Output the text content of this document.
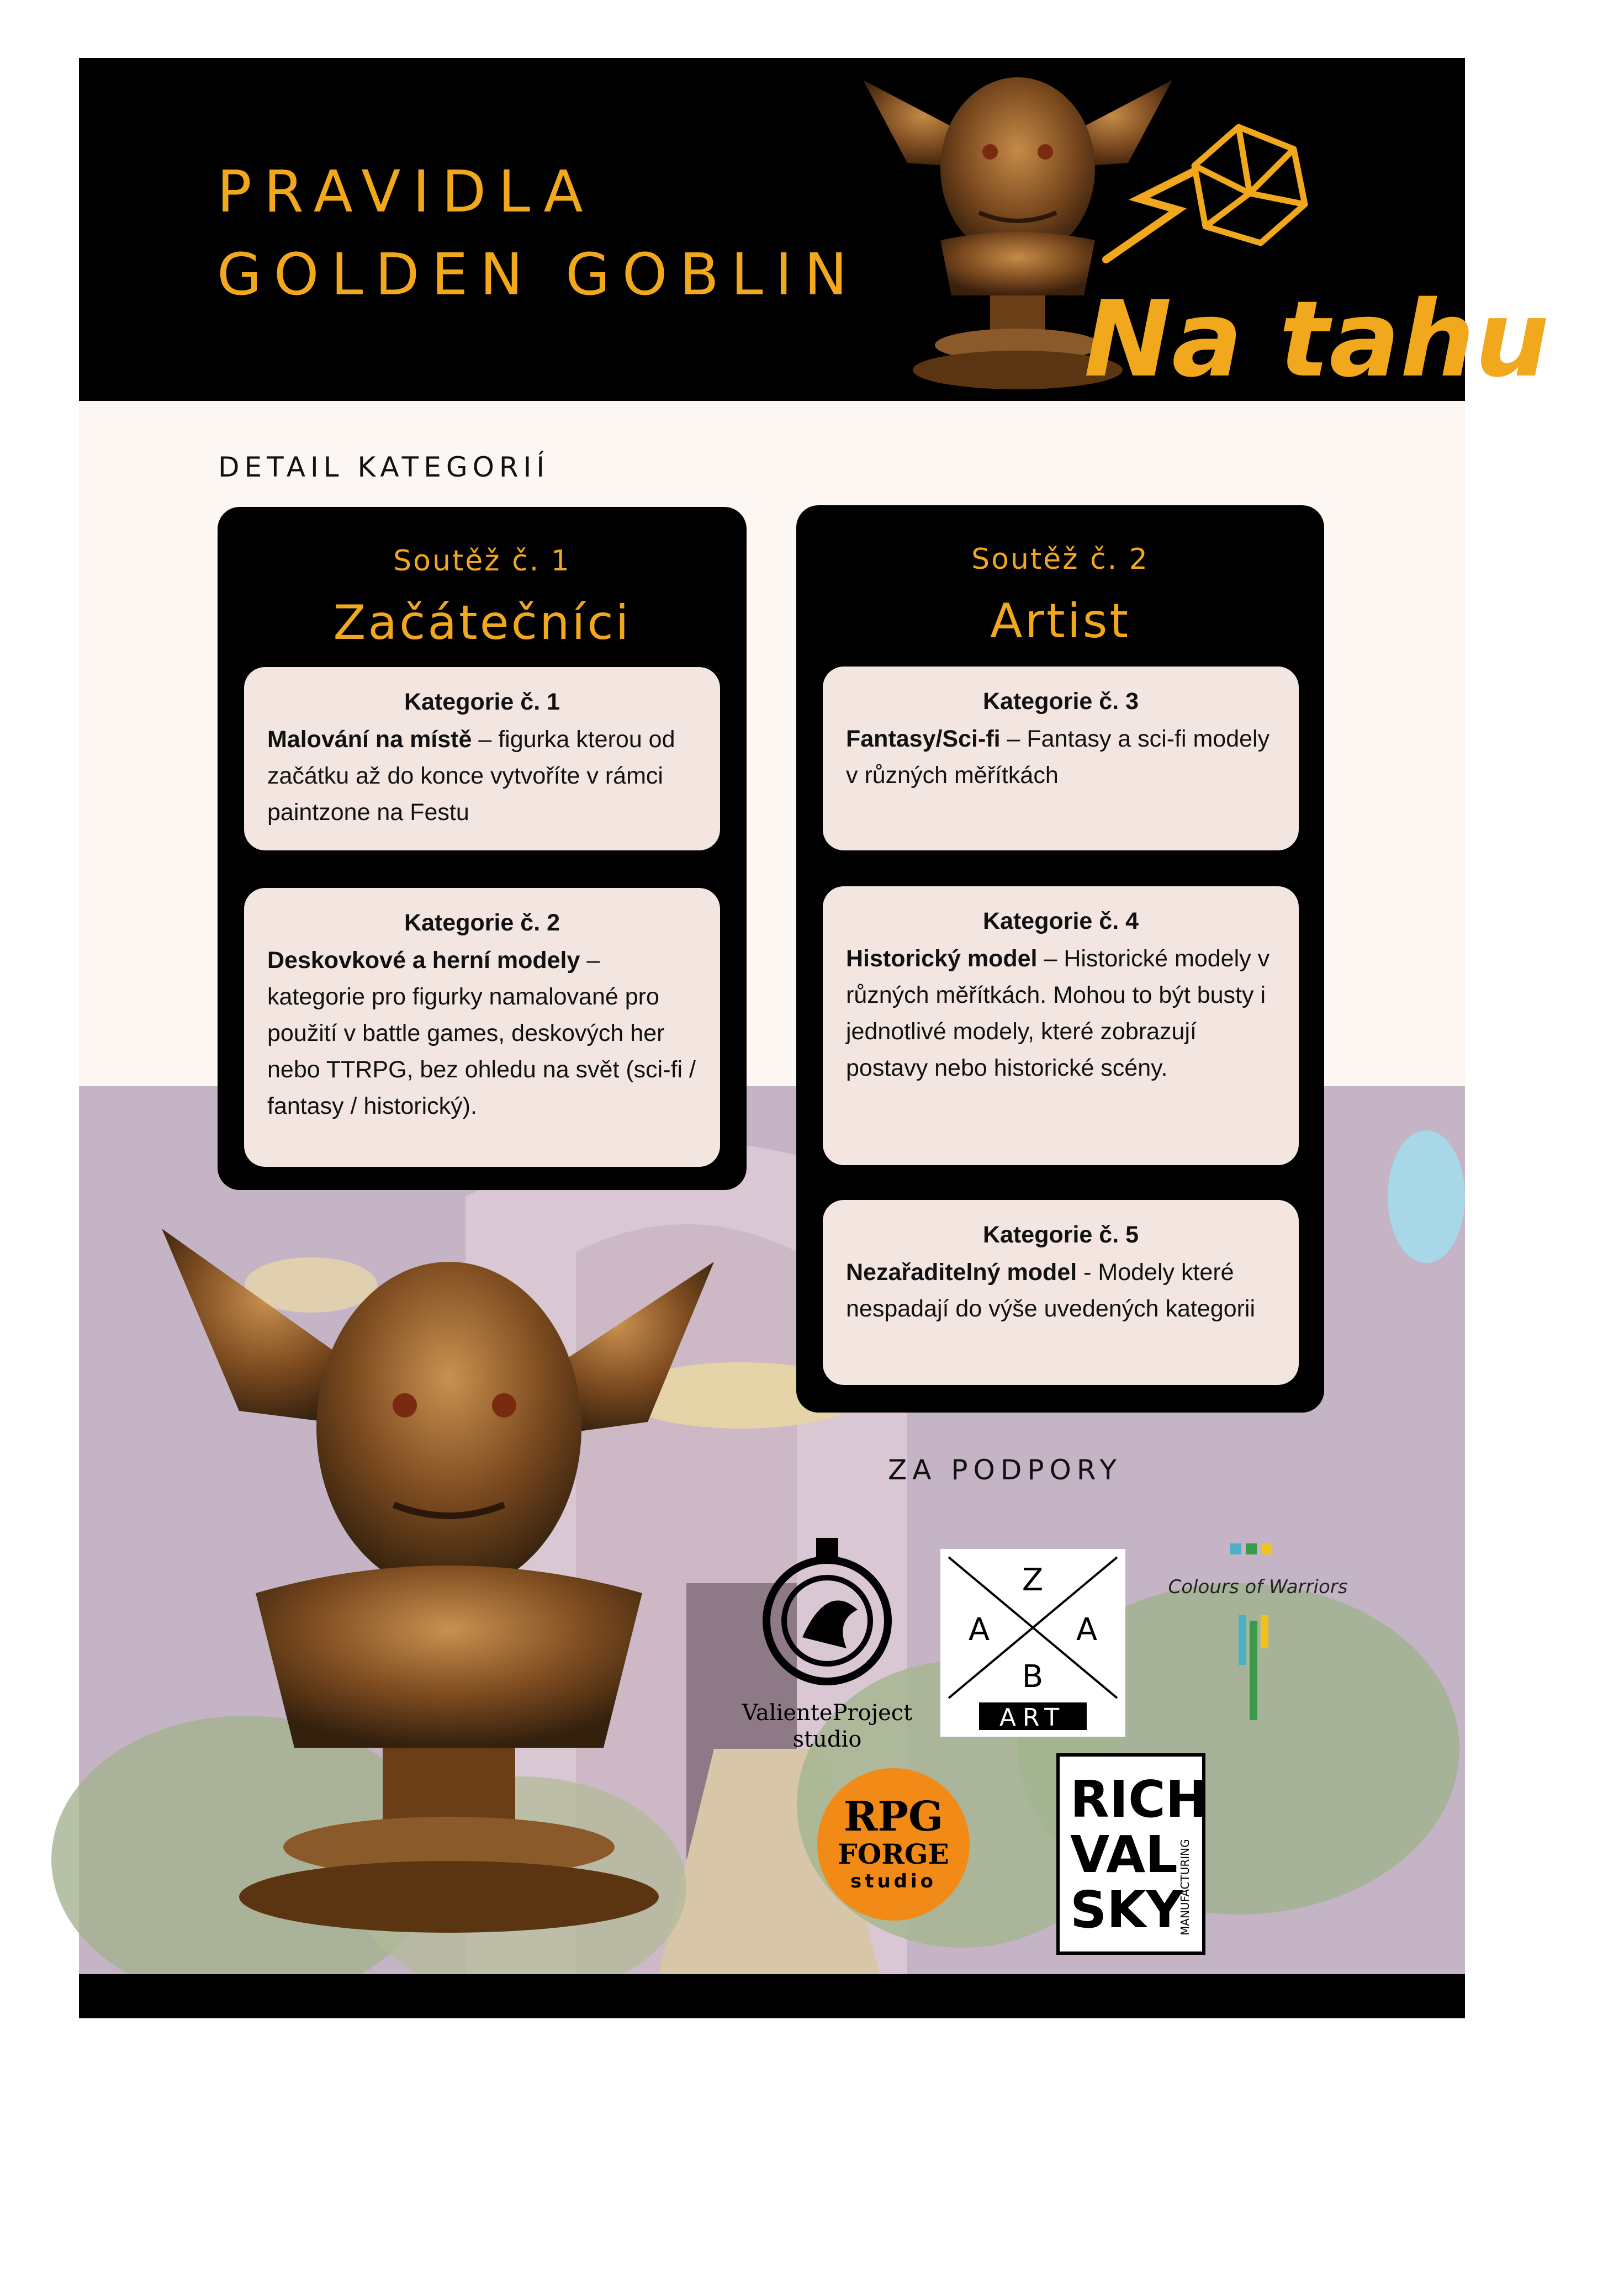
PRAVIDLA
GOLDEN GOBLIN
Na tahu
DETAIL KATEGORIÍ
Soutěž č. 1
Začátečníci
Kategorie č. 1
Malování na místě – figurka kterou od začátku až do konce vytvoříte v rámci paintzone na Festu
Kategorie č. 2
Deskovkové a herní modely – kategorie pro figurky namalované pro použití v battle games, deskových her nebo TTRPG, bez ohledu na svět (sci-fi / fantasy / historický).
Soutěž č. 2
Artist
Kategorie č. 3
Fantasy/Sci-fi – Fantasy a sci-fi modely v různých měřítkách
Kategorie č. 4
Historický model – Historické modely v různých měřítkách. Mohou to být busty i jednotlivé modely, které zobrazují postavy nebo historické scény.
Kategorie č. 5
Nezařaditelný model - Modely které nespadají do výše uvedených kategorii
ZA PODPORY
ValienteProject
studio
Z
A	A
B
ART
Colours of Warriors
RPG
FORGE
studio
RICH
VAL
SKY
MANUFACTURING
